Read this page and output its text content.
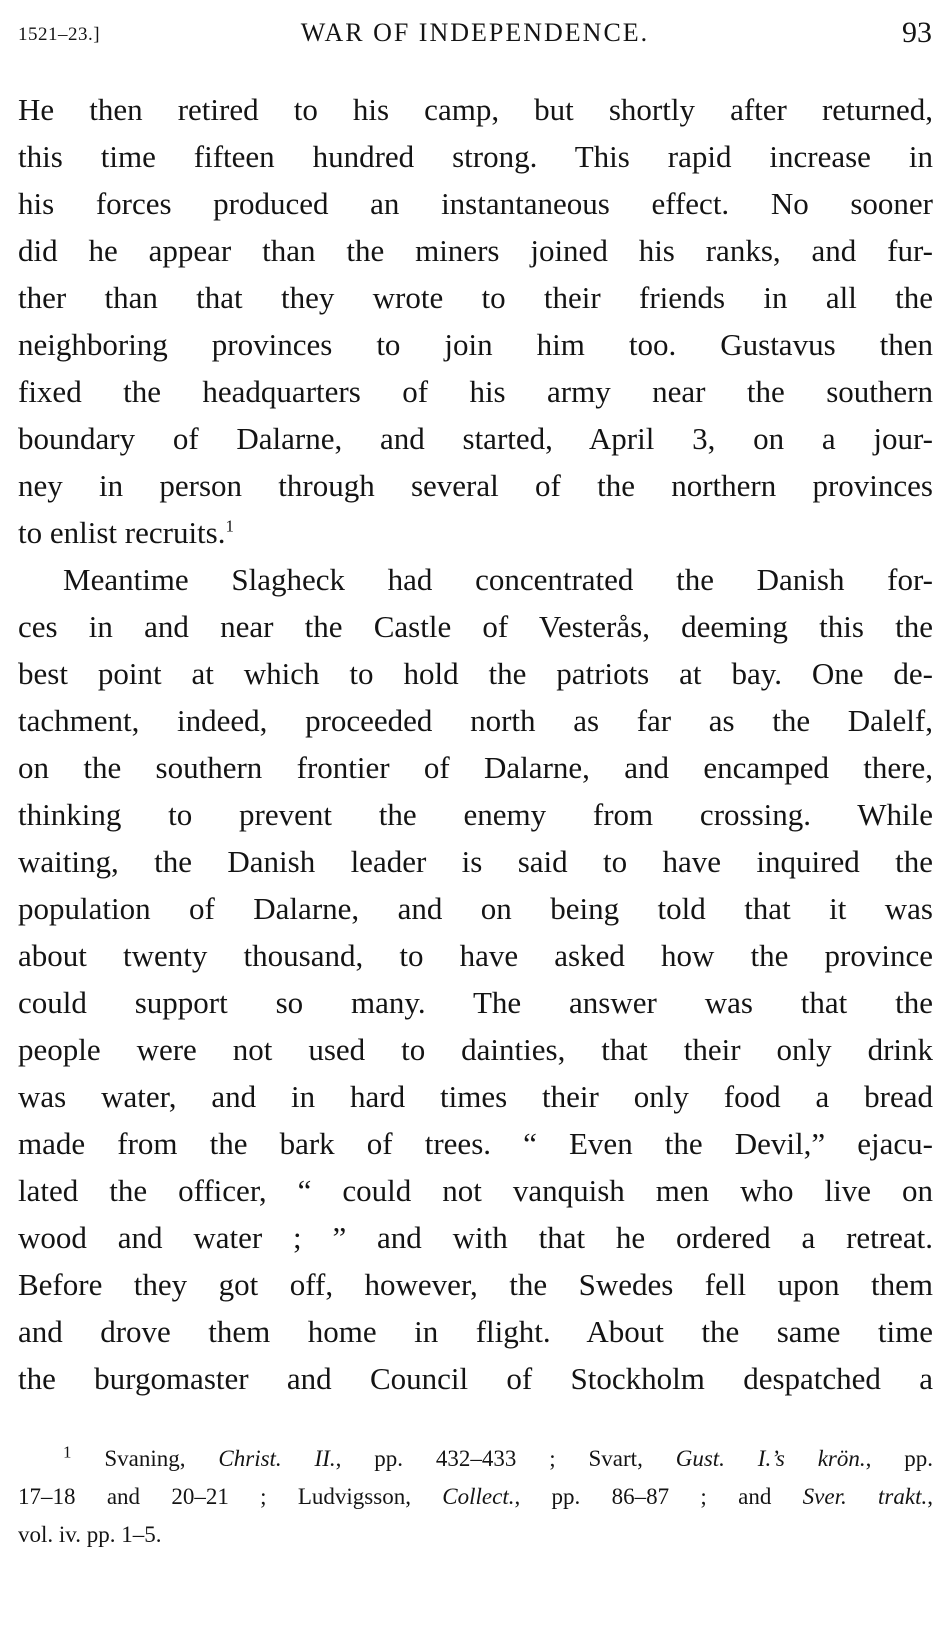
1521–23.]	WAR OF INDEPENDENCE.	93
He then retired to his camp, but shortly after returned,
this time fifteen hundred strong. This rapid increase in
his forces produced an instantaneous effect. No sooner
did he appear than the miners joined his ranks, and fur-
ther than that they wrote to their friends in all the
neighboring provinces to join him too. Gustavus then
fixed the headquarters of his army near the southern
boundary of Dalarne, and started, April 3, on a jour-
ney in person through several of the northern provinces
to enlist recruits.$^1$
Meantime Slagheck had concentrated the Danish for-
ces in and near the Castle of Vesterås, deeming this the
best point at which to hold the patriots at bay. One de-
tachment, indeed, proceeded north as far as the Dalelf,
on the southern frontier of Dalarne, and encamped there,
thinking to prevent the enemy from crossing. While
waiting, the Danish leader is said to have inquired the
population of Dalarne, and on being told that it was
about twenty thousand, to have asked how the province
could support so many. The answer was that the
people were not used to dainties, that their only drink
was water, and in hard times their only food a bread
made from the bark of trees. “ Even the Devil,” ejacu-
lated the officer, “ could not vanquish men who live on
wood and water ; ” and with that he ordered a retreat.
Before they got off, however, the Swedes fell upon them
and drove them home in flight. About the same time
the burgomaster and Council of Stockholm despatched a
$^1$ Svaning, Christ. II., pp. 432–433 ; Svart, Gust. I.’s krön., pp.
17–18 and 20–21 ; Ludvigsson, Collect., pp. 86–87 ; and Sver. trakt.,
vol. iv. pp. 1–5.
